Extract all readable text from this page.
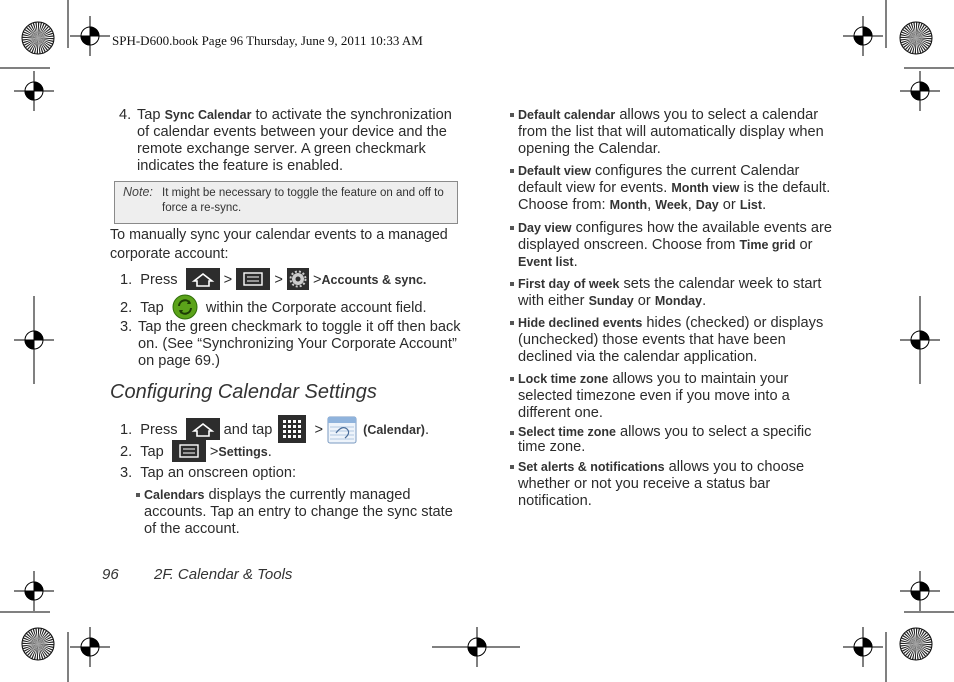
SPH-D600.book Page 96 Thursday, June 9, 2011 10:33 AM
4. Tap Sync Calendar to activate the synchronization
of calendar events between your device and the
remote exchange server. A green checkmark
indicates the feature is enabled.
Note: It might be necessary to toggle the feature on and off to
force a re-sync.
To manually sync your calendar events to a managed
corporate account:
1. Press	>	> >Accounts & sync.
2. Tap	within the Corporate account field.
3. Tap the green checkmark to toggle it off then back
on. (See “Synchronizing Your Corporate Account”
on page 69.)
Configuring Calendar Settings
1. Press	and tap	>	(Calendar).
2. Tap	>Settings.
3. Tap an onscreen option:
Calendars displays the currently managed
accounts. Tap an entry to change the sync state
of the account.
Default calendar allows you to select a calendar
from the list that will automatically display when
opening the Calendar.
Default view configures the current Calendar
default view for events. Month view is the default.
Choose from: Month, Week, Day or List.
Day view configures how the available events are
displayed onscreen. Choose from Time grid or
Event list.
First day of week sets the calendar week to start
with either Sunday or Monday.
Hide declined events hides (checked) or displays
(unchecked) those events that have been
declined via the calendar application.
Lock time zone allows you to maintain your
selected timezone even if you move into a
different one.
Select time zone allows you to select a specific
time zone.
Set alerts & notifications allows you to choose
whether or not you receive a status bar
notification.
96 2F. Calendar & Tools
